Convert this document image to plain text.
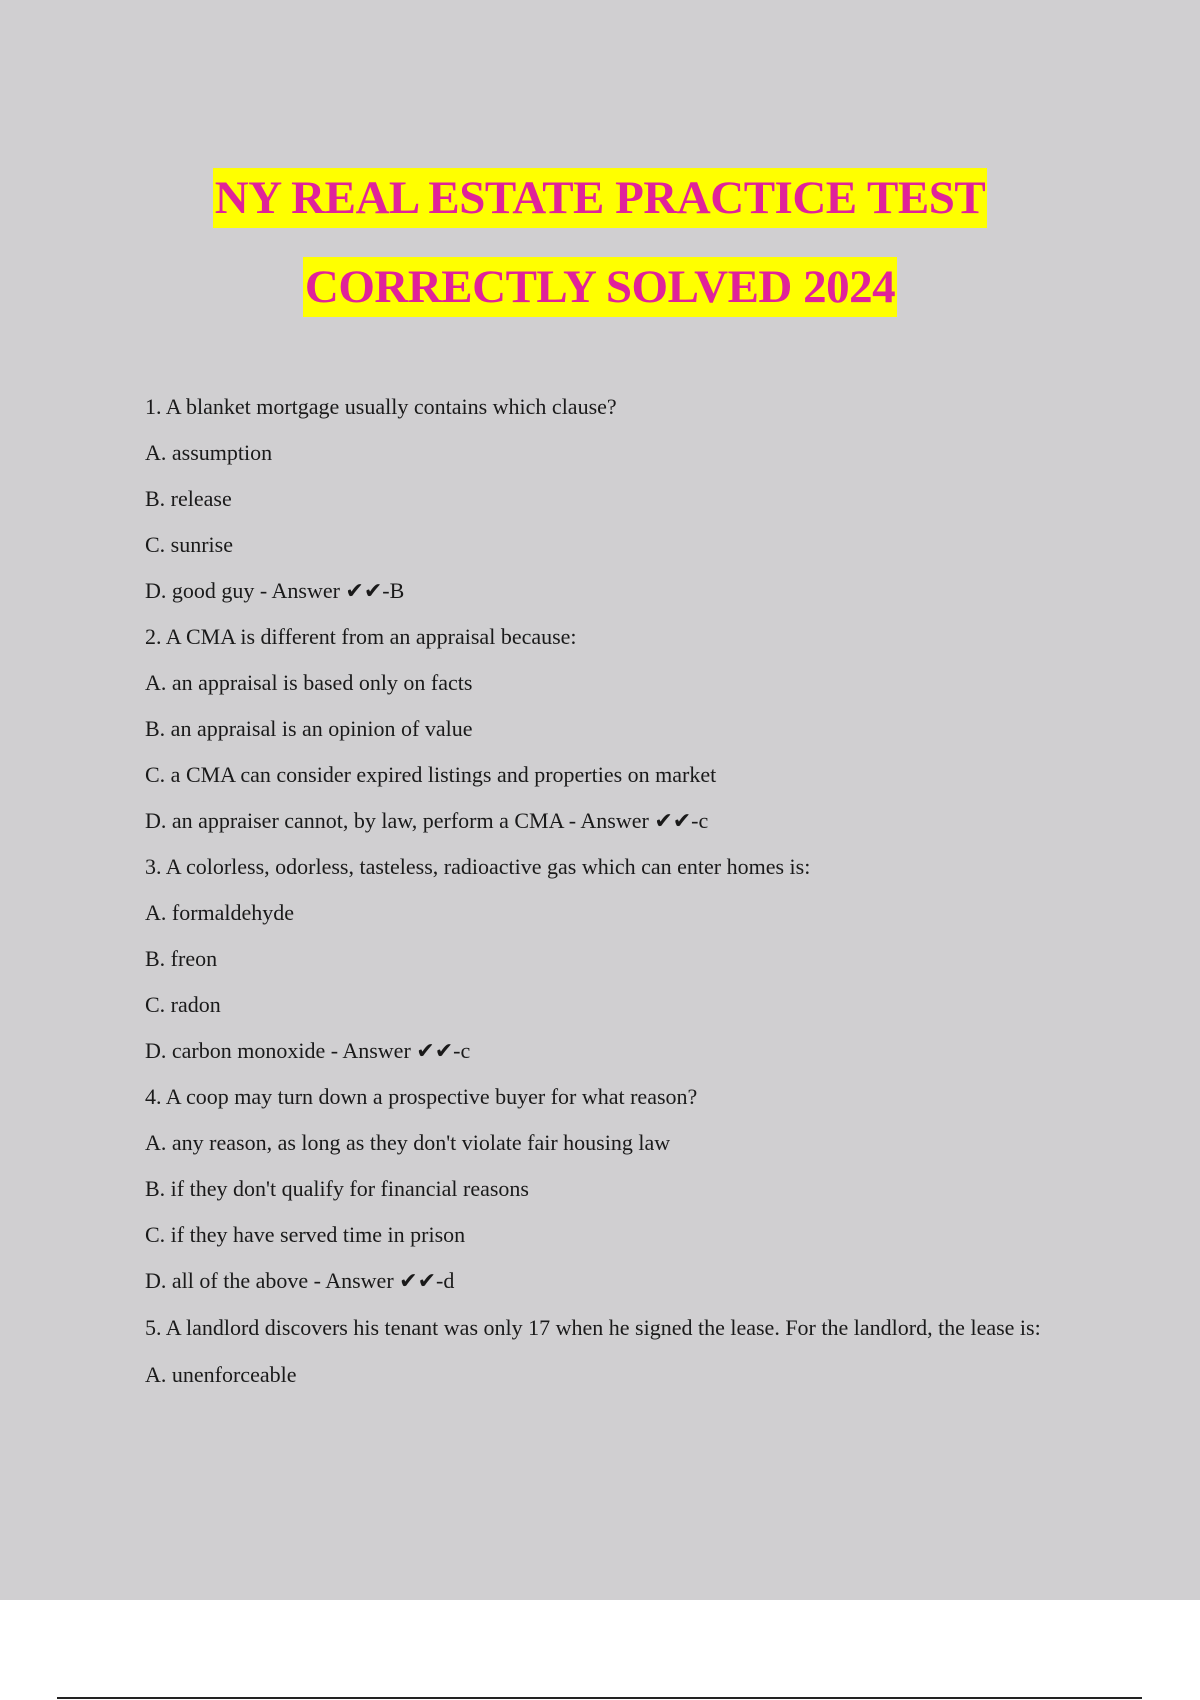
NY REAL ESTATE PRACTICE TEST
CORRECTLY SOLVED 2024
1. A blanket mortgage usually contains which clause?
A. assumption
B. release
C. sunrise
D. good guy - Answer ✔✔-B
2. A CMA is different from an appraisal because:
A. an appraisal is based only on facts
B. an appraisal is an opinion of value
C. a CMA can consider expired listings and properties on market
D. an appraiser cannot, by law, perform a CMA - Answer ✔✔-c
3. A colorless, odorless, tasteless, radioactive gas which can enter homes is:
A. formaldehyde
B. freon
C. radon
D. carbon monoxide - Answer ✔✔-c
4. A coop may turn down a prospective buyer for what reason?
A. any reason, as long as they don't violate fair housing law
B. if they don't qualify for financial reasons
C. if they have served time in prison
D. all of the above - Answer ✔✔-d
5. A landlord discovers his tenant was only 17 when he signed the lease. For the landlord, the lease is:
A. unenforceable
